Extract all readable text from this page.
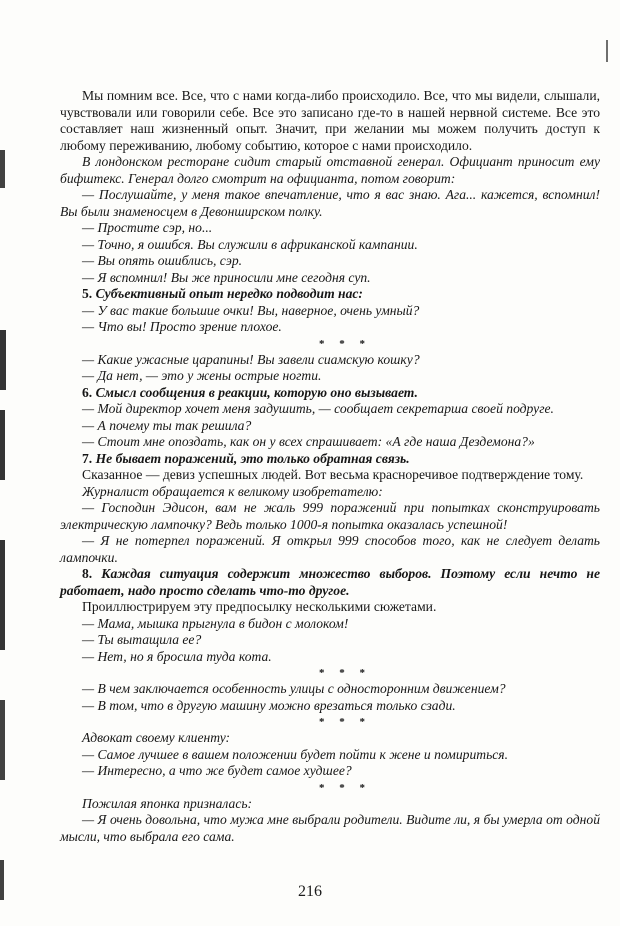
Мы помним все. Все, что с нами когда-либо происходило. Все, что мы видели, слышали, чувствовали или говорили себе. Все это записано где-то в нашей нервной системе. Все это составляет наш жизненный опыт. Значит, при желании мы можем получить доступ к любому переживанию, любому событию, которое с нами происходило.

В лондонском ресторане сидит старый отставной генерал. Официант приносит ему бифштекс. Генерал долго смотрит на официанта, потом говорит:

— Послушайте, у меня такое впечатление, что я вас знаю. Ага... кажется, вспомнил! Вы были знаменосцем в Девонширском полку.

— Простите сэр, но...

— Точно, я ошибся. Вы служили в африканской кампании.

— Вы опять ошиблись, сэр.

— Я вспомнил! Вы же приносили мне сегодня суп.

5. Субъективный опыт нередко подводит нас:

— У вас такие большие очки! Вы, наверное, очень умный?

— Что вы! Просто зрение плохое.

* * *

— Какие ужасные царапины! Вы завели сиамскую кошку?

— Да нет, — это у жены острые ногти.

6. Смысл сообщения в реакции, которую оно вызывает.

— Мой директор хочет меня задушить, — сообщает секретарша своей подруге.

— А почему ты так решила?

— Стоит мне опоздать, как он у всех спрашивает: «А где наша Дездемона?»

7. Не бывает поражений, это только обратная связь.

Сказанное — девиз успешных людей. Вот весьма красноречивое подтверждение тому.

Журналист обращается к великому изобретателю:

— Господин Эдисон, вам не жаль 999 поражений при попытках сконструировать электрическую лампочку? Ведь только 1000-я попытка оказалась успешной!

— Я не потерпел поражений. Я открыл 999 способов того, как не следует делать лампочки.

8. Каждая ситуация содержит множество выборов. Поэтому если нечто не работает, надо просто сделать что-то другое.

Проиллюстрируем эту предпосылку несколькими сюжетами.

— Мама, мышка прыгнула в бидон с молоком!

— Ты вытащила ее?

— Нет, но я бросила туда кота.

* * *

— В чем заключается особенность улицы с односторонним движением?

— В том, что в другую машину можно врезаться только сзади.

* * *

Адвокат своему клиенту:

— Самое лучшее в вашем положении будет пойти к жене и помириться.

— Интересно, а что же будет самое худшее?

* * *

Пожилая японка призналась:

— Я очень довольна, что мужа мне выбрали родители. Видите ли, я бы умерла от одной мысли, что выбрала его сама.

216
